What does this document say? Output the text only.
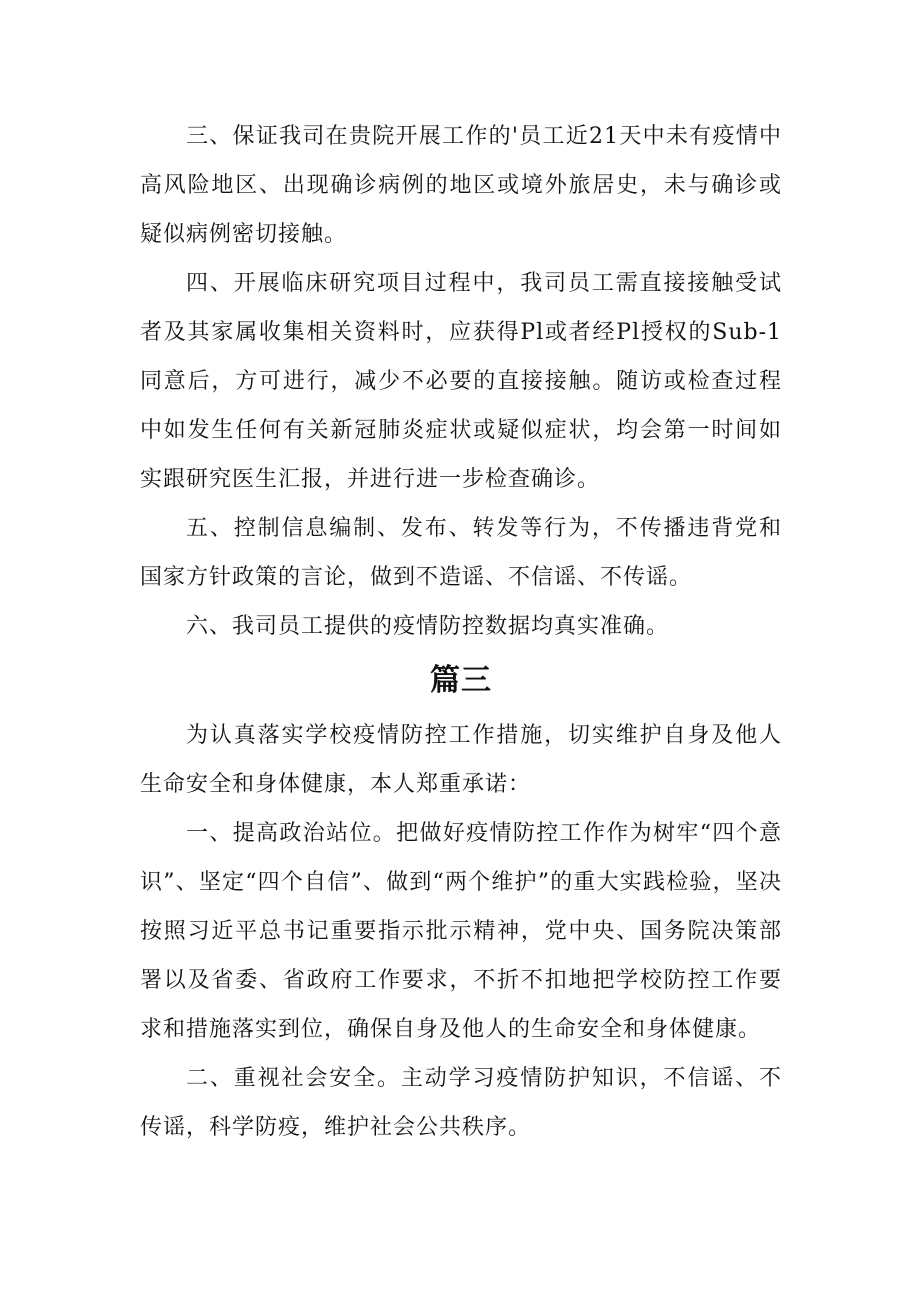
三、保证我司在贵院开展工作的'员工近21天中未有疫情中高风险地区、出现确诊病例的地区或境外旅居史，未与确诊或疑似病例密切接触。

四、开展临床研究项目过程中，我司员工需直接接触受试者及其家属收集相关资料时，应获得Pl或者经Pl授权的Sub-1同意后，方可进行，减少不必要的直接接触。随访或检查过程中如发生任何有关新冠肺炎症状或疑似症状，均会第一时间如实跟研究医生汇报，并进行进一步检查确诊。

五、控制信息编制、发布、转发等行为，不传播违背党和国家方针政策的言论，做到不造谣、不信谣、不传谣。

六、我司员工提供的疫情防控数据均真实准确。

篇三

为认真落实学校疫情防控工作措施，切实维护自身及他人生命安全和身体健康，本人郑重承诺：

一、提高政治站位。把做好疫情防控工作作为树牢“四个意识”、坚定“四个自信”、做到“两个维护”的重大实践检验，坚决按照习近平总书记重要指示批示精神，党中央、国务院决策部署以及省委、省政府工作要求，不折不扣地把学校防控工作要求和措施落实到位，确保自身及他人的生命安全和身体健康。

二、重视社会安全。主动学习疫情防护知识，不信谣、不传谣，科学防疫，维护社会公共秩序。
